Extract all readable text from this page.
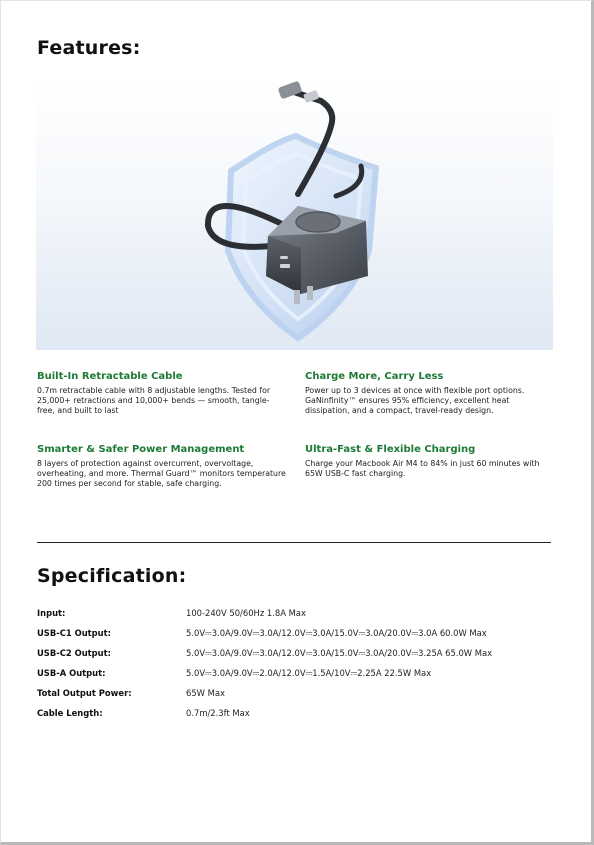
Features:
Built-In Retractable Cable

0.7m retractable cable with 8 adjustable lengths. Tested for 25,000+ retractions and 10,000+ bends — smooth, tangle-free, and built to last

Charge More, Carry Less

Power up to 3 devices at once with flexible port options. GaNinfinity™ ensures 95% efficiency, excellent heat dissipation, and a compact, travel-ready design.

Smarter & Safer Power Management

8 layers of protection against overcurrent, overvoltage, overheating, and more. Thermal Guard™ monitors temperature 200 times per second for stable, safe charging.

Ultra-Fast & Flexible Charging

Charge your Macbook Air M4 to 84% in just 60 minutes with 65W USB-C fast charging.

Specification:
Input:	100-240V 50/60Hz 1.8A Max
USB-C1 Output:	5.0V⎓3.0A/9.0V⎓3.0A/12.0V⎓3.0A/15.0V⎓3.0A/20.0V⎓3.0A 60.0W Max
USB-C2 Output:	5.0V⎓3.0A/9.0V⎓3.0A/12.0V⎓3.0A/15.0V⎓3.0A/20.0V⎓3.25A 65.0W Max
USB-A Output:	5.0V⎓3.0A/9.0V⎓2.0A/12.0V⎓1.5A/10V⎓2.25A 22.5W Max
Total Output Power:	65W Max
Cable Length:	0.7m/2.3ft Max
